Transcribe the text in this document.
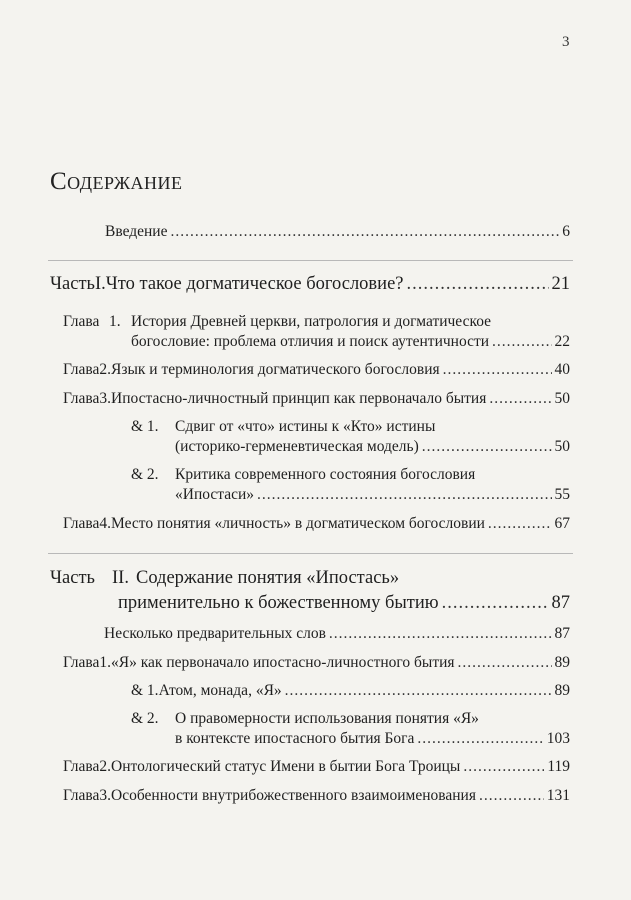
3
Содержание
Введение .....	6
Часть I. Что такое догматическое богословие? .....	21
Глава 1. История Древней церкви, патрология и догматическое
богословие: проблема отличия и поиск аутентичности .....	22
Глава 2. Язык и терминология догматического богословия .....	40
Глава 3. Ипостасно-личностный принцип как первоначало бытия .....	50
& 1. Сдвиг от «что» истины к «Кто» истины
(историко-герменевтическая модель) .....	50
& 2. Критика современного состояния богословия
«Ипостаси» .....	55
Глава 4. Место понятия «личность» в догматическом богословии .....	67
Часть II. Содержание понятия «Ипостась»
применительно к божественному бытию .....	87
Несколько предварительных слов .....	87
Глава 1. «Я» как первоначало ипостасно-личностного бытия .....	89
& 1. Атом, монада, «Я» .....	89
& 2. О правомерности использования понятия «Я»
в контексте ипостасного бытия Бога .....	103
Глава 2. Онтологический статус Имени в бытии Бога Троицы .....	119
Глава 3. Особенности внутрибожественного взаимоименования .....	131
